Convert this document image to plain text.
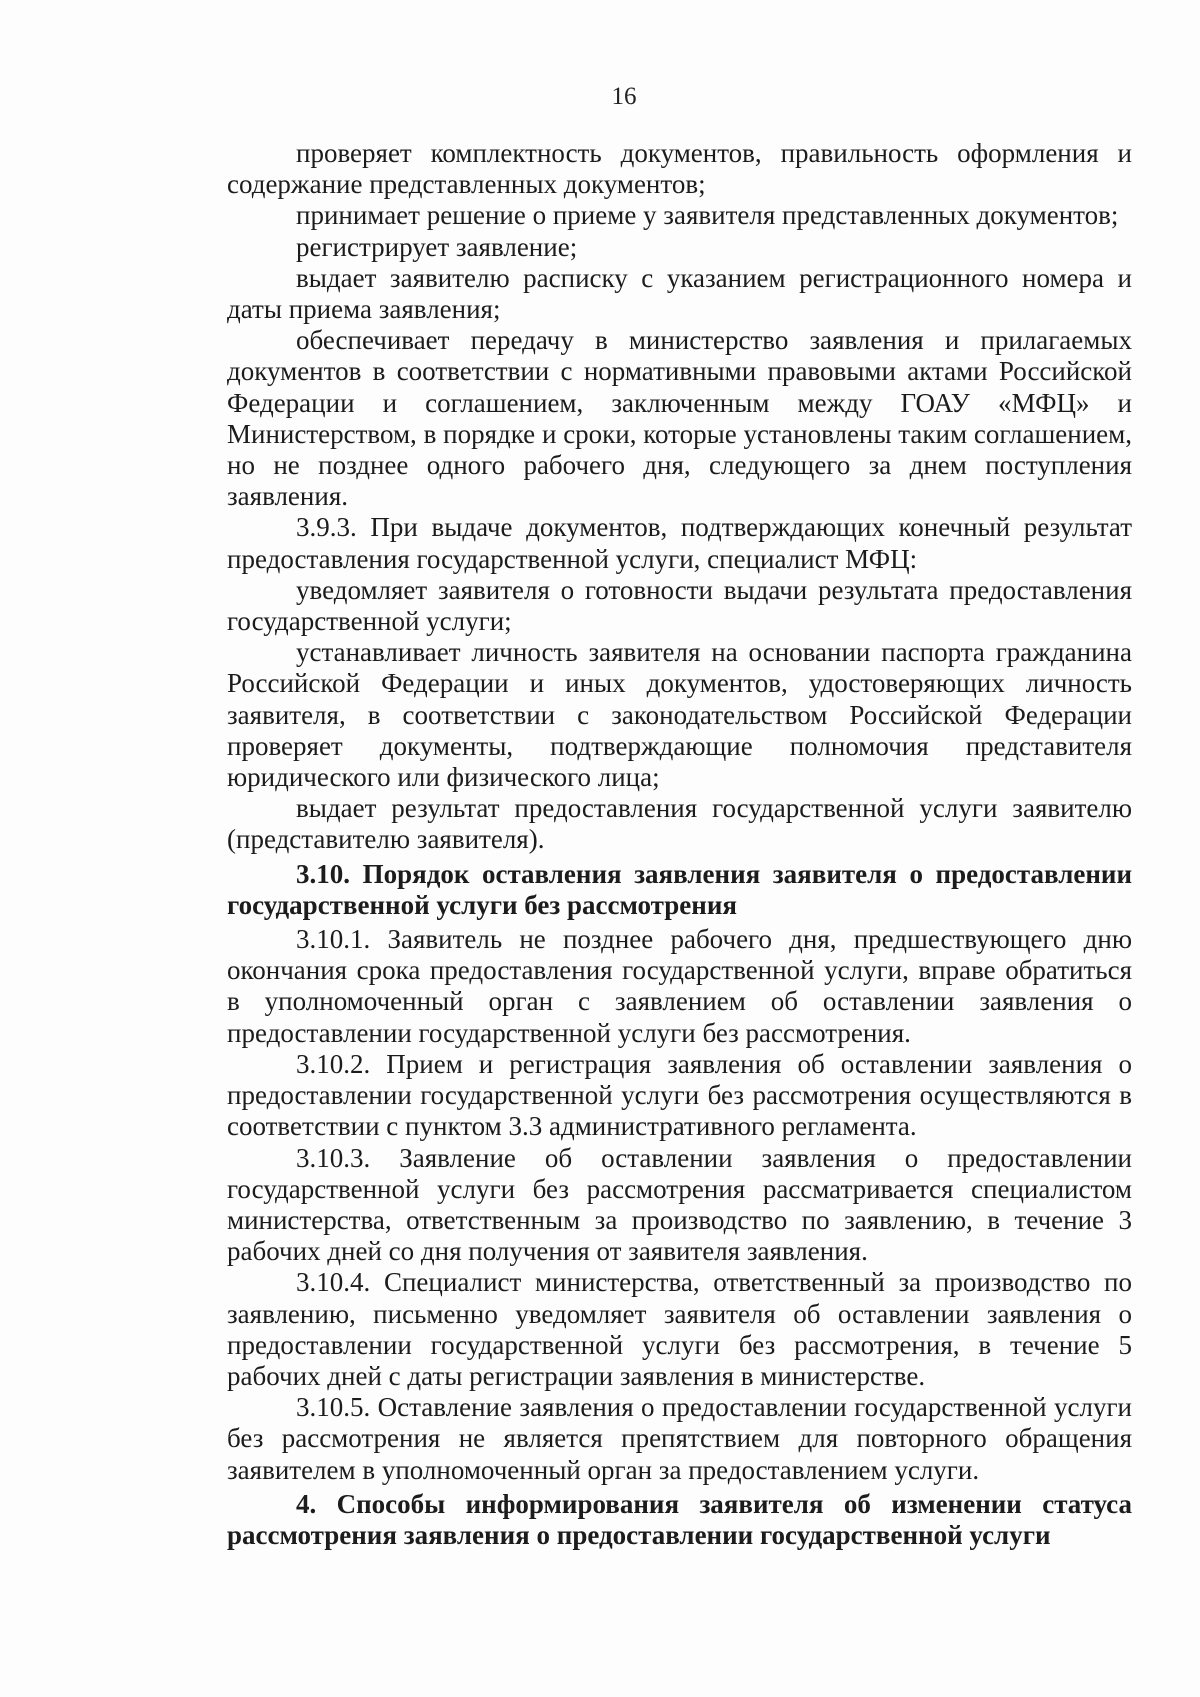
16

проверяет комплектность документов, правильность оформления и содержание представленных документов;

принимает решение о приеме у заявителя представленных документов;

регистрирует заявление;

выдает заявителю расписку с указанием регистрационного номера и даты приема заявления;

обеспечивает передачу в министерство заявления и прилагаемых документов в соответствии с нормативными правовыми актами Российской Федерации и соглашением, заключенным между ГОАУ «МФЦ» и Министерством, в порядке и сроки, которые установлены таким соглашением, но не позднее одного рабочего дня, следующего за днем поступления заявления.

3.9.3. При выдаче документов, подтверждающих конечный результат предоставления государственной услуги, специалист МФЦ:

уведомляет заявителя о готовности выдачи результата предоставления государственной услуги;

устанавливает личность заявителя на основании паспорта гражданина Российской Федерации и иных документов, удостоверяющих личность заявителя, в соответствии с законодательством Российской Федерации проверяет документы, подтверждающие полномочия представителя юридического или физического лица;

выдает результат предоставления государственной услуги заявителю (представителю заявителя).

3.10. Порядок оставления заявления заявителя о предоставлении государственной услуги без рассмотрения

3.10.1. Заявитель не позднее рабочего дня, предшествующего дню окончания срока предоставления государственной услуги, вправе обратиться в уполномоченный орган с заявлением об оставлении заявления о предоставлении государственной услуги без рассмотрения.

3.10.2. Прием и регистрация заявления об оставлении заявления о предоставлении государственной услуги без рассмотрения осуществляются в соответствии с пунктом 3.3 административного регламента.

3.10.3. Заявление об оставлении заявления о предоставлении государственной услуги без рассмотрения рассматривается специалистом министерства, ответственным за производство по заявлению, в течение 3 рабочих дней со дня получения от заявителя заявления.

3.10.4. Специалист министерства, ответственный за производство по заявлению, письменно уведомляет заявителя об оставлении заявления о предоставлении государственной услуги без рассмотрения, в течение 5 рабочих дней с даты регистрации заявления в министерстве.

3.10.5. Оставление заявления о предоставлении государственной услуги без рассмотрения не является препятствием для повторного обращения заявителем в уполномоченный орган за предоставлением услуги.

4. Способы информирования заявителя об изменении статуса рассмотрения заявления о предоставлении государственной услуги
